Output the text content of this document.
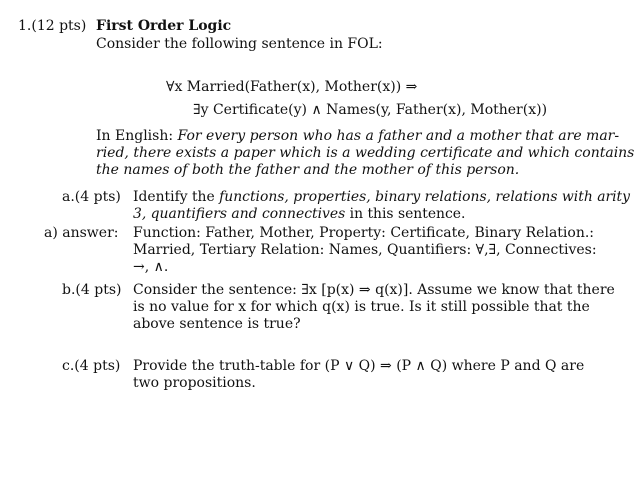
1.(12 pts) First Order Logic
Consider the following sentence in FOL:
∀x Married(Father(x), Mother(x)) ⇒
∃y Certificate(y) ∧ Names(y, Father(x), Mother(x))
In English: For every person who has a father and a mother that are mar-
ried, there exists a paper which is a wedding certificate and which contains
the names of both the father and the mother of this person.
a.(4 pts) Identify the functions, properties, binary relations, relations with arity
3, quantifiers and connectives in this sentence.
a) answer: Function: Father, Mother, Property: Certificate, Binary Relation.:
Married, Tertiary Relation: Names, Quantifiers: ∀,∃, Connectives:
→, ∧.
b.(4 pts) Consider the sentence: ∃x [p(x) ⇒ q(x)]. Assume we know that there
is no value for x for which q(x) is true. Is it still possible that the
above sentence is true?
c.(4 pts) Provide the truth-table for (P ∨ Q) ⇒ (P ∧ Q) where P and Q are
two propositions.
